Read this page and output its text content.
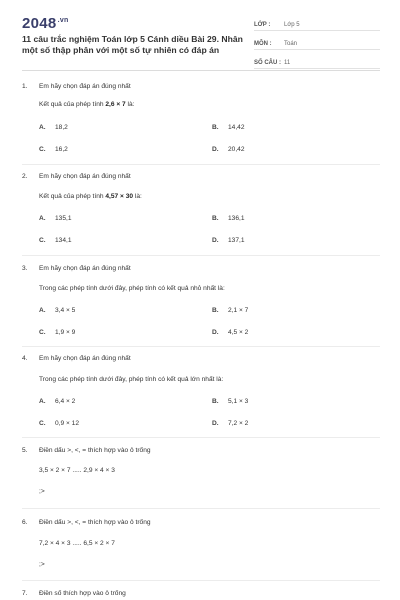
$2048^{.vn}$
11 câu trắc nghiệm Toán lớp 5 Cánh diều Bài 29. Nhân một số thập phân với một số tự nhiên có đáp án
LỚP :	Lớp 5
MÔN :	Toán
SỐ CÂU : 11
1. Em hãy chọn đáp án đúng nhất
Kết quả của phép tính 2,6 × 7 là:
A. 18,2	B. 14,42
C. 16,2	D. 20,42
2. Em hãy chọn đáp án đúng nhất
Kết quả của phép tính 4,57 × 30 là:
A. 135,1	B. 136,1
C. 134,1	D. 137,1
3. Em hãy chọn đáp án đúng nhất
Trong các phép tính dưới đây, phép tính có kết quả nhỏ nhất là:
A. 3,4 × 5	B. 2,1 × 7
C. 1,9 × 9	D. 4,5 × 2
4. Em hãy chọn đáp án đúng nhất
Trong các phép tính dưới đây, phép tính có kết quả lớn nhất là:
A. 6,4 × 2	B. 5,1 × 3
C. 0,9 × 12	D. 7,2 × 2
5. Điền dấu >, <, = thích hợp vào ô trống
3,5 × 2 × 7 ..... 2,9 × 4 × 3
;>
6. Điền dấu >, <, = thích hợp vào ô trống
7,2 × 4 × 3 ..... 6,5 × 2 × 7
;>
7. Điền số thích hợp vào ô trống
